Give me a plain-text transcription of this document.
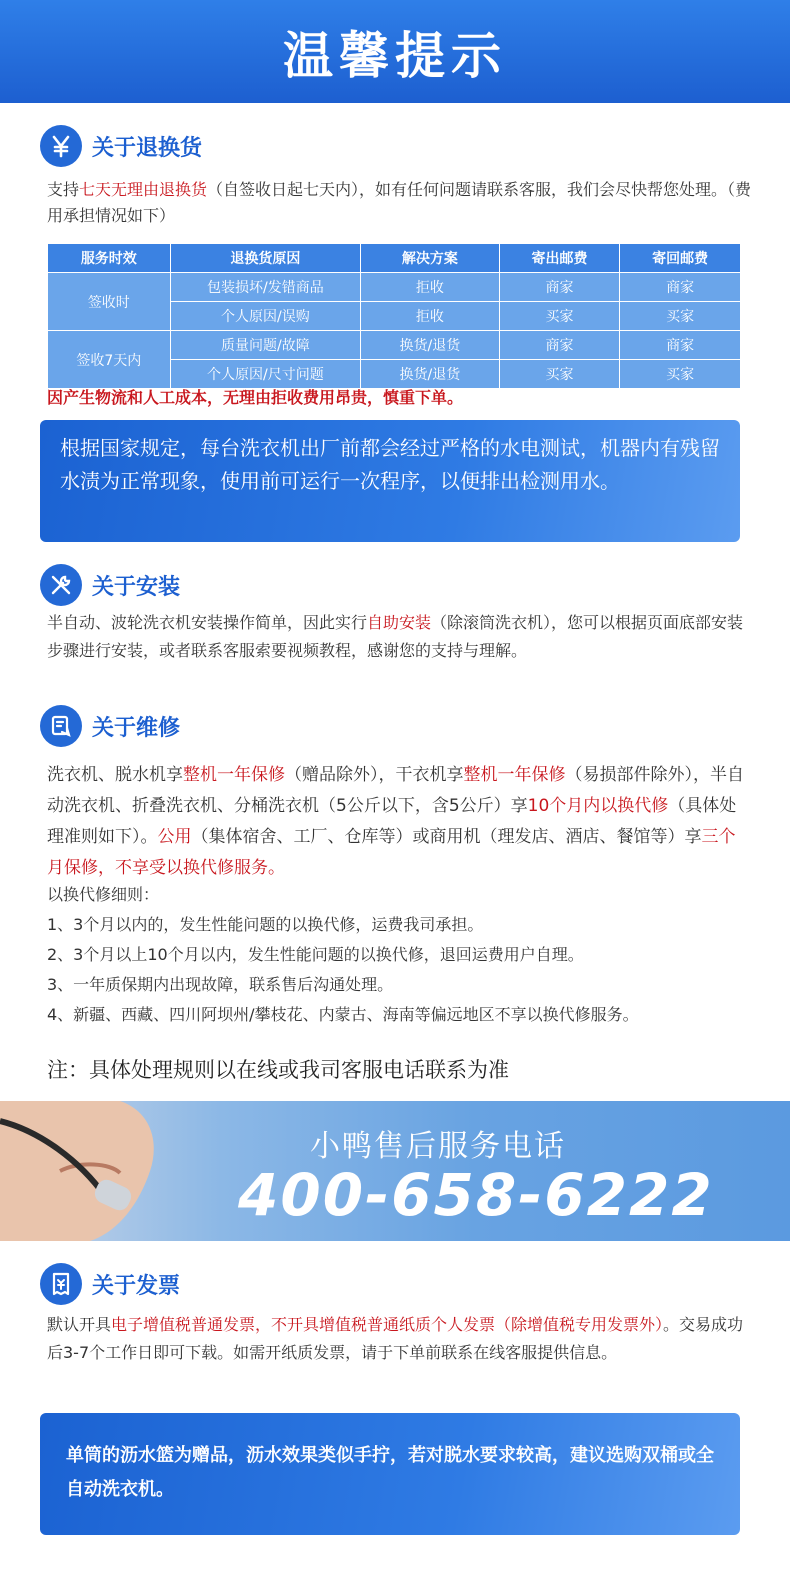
温馨提示
关于退换货
支持七天无理由退换货（自签收日起七天内），如有任何问题请联系客服，我们会尽快帮您处理。（费用承担情况如下）
服务时效	退换货原因	解决方案	寄出邮费	寄回邮费
签收时	包装损坏/发错商品	拒收	商家	商家
	个人原因/误购	拒收	买家	买家
签收7天内	质量问题/故障	换货/退货	商家	商家
	个人原因/尺寸问题	换货/退货	买家	买家
因产生物流和人工成本，无理由拒收费用昂贵，慎重下单。
根据国家规定，每台洗衣机出厂前都会经过严格的水电测试，机器内有残留水渍为正常现象，使用前可运行一次程序，以便排出检测用水。
关于安装
半自动、波轮洗衣机安装操作简单，因此实行自助安装（除滚筒洗衣机），您可以根据页面底部安装步骤进行安装，或者联系客服索要视频教程，感谢您的支持与理解。
关于维修
洗衣机、脱水机享整机一年保修（赠品除外），干衣机享整机一年保修（易损部件除外），半自动洗衣机、折叠洗衣机、分桶洗衣机（5公斤以下，含5公斤）享10个月内以换代修（具体处理准则如下）。公用（集体宿舍、工厂、仓库等）或商用机（理发店、酒店、餐馆等）享三个月保修，不享受以换代修服务。
以换代修细则：
1、3个月以内的，发生性能问题的以换代修，运费我司承担。
2、3个月以上10个月以内，发生性能问题的以换代修，退回运费用户自理。
3、一年质保期内出现故障，联系售后沟通处理。
4、新疆、西藏、四川阿坝州/攀枝花、内蒙古、海南等偏远地区不享以换代修服务。
注：具体处理规则以在线或我司客服电话联系为准
小鸭售后服务电话
400-658-6222
关于发票
默认开具电子增值税普通发票，不开具增值税普通纸质个人发票（除增值税专用发票外）。交易成功后3-7个工作日即可下载。如需开纸质发票，请于下单前联系在线客服提供信息。
单筒的沥水篮为赠品，沥水效果类似手拧，若对脱水要求较高，建议选购双桶或全自动洗衣机。
